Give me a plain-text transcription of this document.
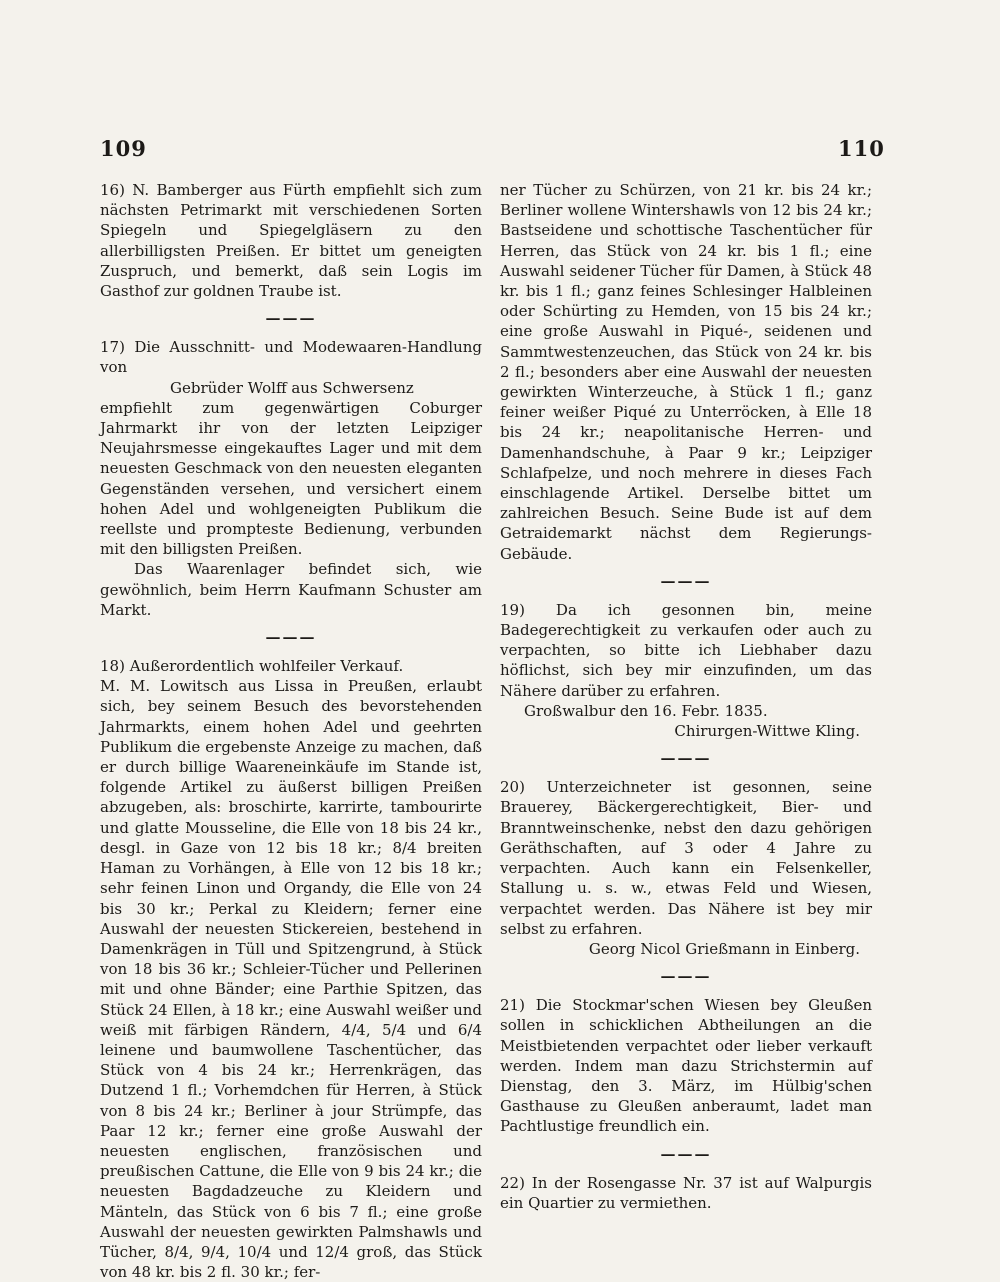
109	110

16) N. Bamberger aus Fürth empfiehlt sich zum nächsten Petrimarkt mit verschiedenen Sorten Spiegeln und Spiegelgläsern zu den allerbilligsten Preißen. Er bittet um geneigten Zuspruch, und bemerkt, daß sein Logis im Gasthof zur goldnen Traube ist.

———

17) Die Ausschnitt- und Modewaaren-Handlung von

Gebrüder Wolff aus Schwersenz

empfiehlt zum gegenwärtigen Coburger Jahrmarkt ihr von der letzten Leipziger Neujahrsmesse eingekauftes Lager und mit dem neuesten Geschmack von den neuesten eleganten Gegenständen versehen, und versichert einem hohen Adel und wohlgeneigten Publikum die reellste und prompteste Bedienung, verbunden mit den billigsten Preißen.

Das Waarenlager befindet sich, wie gewöhnlich, beim Herrn Kaufmann Schuster am Markt.

———

18) Außerordentlich wohlfeiler Verkauf.

M. M. Lowitsch aus Lissa in Preußen, erlaubt sich, bey seinem Besuch des bevorstehenden Jahrmarkts, einem hohen Adel und geehrten Publikum die ergebenste Anzeige zu machen, daß er durch billige Waareneinkäufe im Stande ist, folgende Artikel zu äußerst billigen Preißen abzugeben, als: broschirte, karrirte, tambourirte und glatte Mousseline, die Elle von 18 bis 24 kr., desgl. in Gaze von 12 bis 18 kr.; 8/4 breiten Haman zu Vorhängen, à Elle von 12 bis 18 kr.; sehr feinen Linon und Organdy, die Elle von 24 bis 30 kr.; Perkal zu Kleidern; ferner eine Auswahl der neuesten Stickereien, bestehend in Damenkrägen in Tüll und Spitzengrund, à Stück von 18 bis 36 kr.; Schleier-Tücher und Pellerinen mit und ohne Bänder; eine Parthie Spitzen, das Stück 24 Ellen, à 18 kr.; eine Auswahl weißer und weiß mit färbigen Rändern, 4/4, 5/4 und 6/4 leinene und baumwollene Taschentücher, das Stück von 4 bis 24 kr.; Herrenkrägen, das Dutzend 1 fl.; Vorhemdchen für Herren, à Stück von 8 bis 24 kr.; Berliner à jour Strümpfe, das Paar 12 kr.; ferner eine große Auswahl der neuesten englischen, französischen und preußischen Cattune, die Elle von 9 bis 24 kr.; die neuesten Bagdadzeuche zu Kleidern und Mänteln, das Stück von 6 bis 7 fl.; eine große Auswahl der neuesten gewirkten Palmshawls und Tücher, 8/4, 9/4, 10/4 und 12/4 groß, das Stück von 48 kr. bis 2 fl. 30 kr.; fer-

ner Tücher zu Schürzen, von 21 kr. bis 24 kr.; Berliner wollene Wintershawls von 12 bis 24 kr.; Bastseidene und schottische Taschentücher für Herren, das Stück von 24 kr. bis 1 fl.; eine Auswahl seidener Tücher für Damen, à Stück 48 kr. bis 1 fl.; ganz feines Schlesinger Halbleinen oder Schürting zu Hemden, von 15 bis 24 kr.; eine große Auswahl in Piqué-, seidenen und Sammtwestenzeuchen, das Stück von 24 kr. bis 2 fl.; besonders aber eine Auswahl der neuesten gewirkten Winterzeuche, à Stück 1 fl.; ganz feiner weißer Piqué zu Unterröcken, à Elle 18 bis 24 kr.; neapolitanische Herren- und Damenhandschuhe, à Paar 9 kr.; Leipziger Schlafpelze, und noch mehrere in dieses Fach einschlagende Artikel. Derselbe bittet um zahlreichen Besuch. Seine Bude ist auf dem Getraidemarkt nächst dem Regierungs-Gebäude.

———

19) Da ich gesonnen bin, meine Badegerechtigkeit zu verkaufen oder auch zu verpachten, so bitte ich Liebhaber dazu höflichst, sich bey mir einzufinden, um das Nähere darüber zu erfahren.

Großwalbur den 16. Febr. 1835.

Chirurgen-Wittwe Kling.

———

20) Unterzeichneter ist gesonnen, seine Brauerey, Bäckergerechtigkeit, Bier- und Branntweinschenke, nebst den dazu gehörigen Geräthschaften, auf 3 oder 4 Jahre zu verpachten. Auch kann ein Felsenkeller, Stallung u. s. w., etwas Feld und Wiesen, verpachtet werden. Das Nähere ist bey mir selbst zu erfahren.

Georg Nicol Grießmann in Einberg.

———

21) Die Stockmar'schen Wiesen bey Gleußen sollen in schicklichen Abtheilungen an die Meistbietenden verpachtet oder lieber verkauft werden. Indem man dazu Strichstermin auf Dienstag, den 3. März, im Hülbig'schen Gasthause zu Gleußen anberaumt, ladet man Pachtlustige freundlich ein.

———

22) In der Rosengasse Nr. 37 ist auf Walpurgis ein Quartier zu vermiethen.
